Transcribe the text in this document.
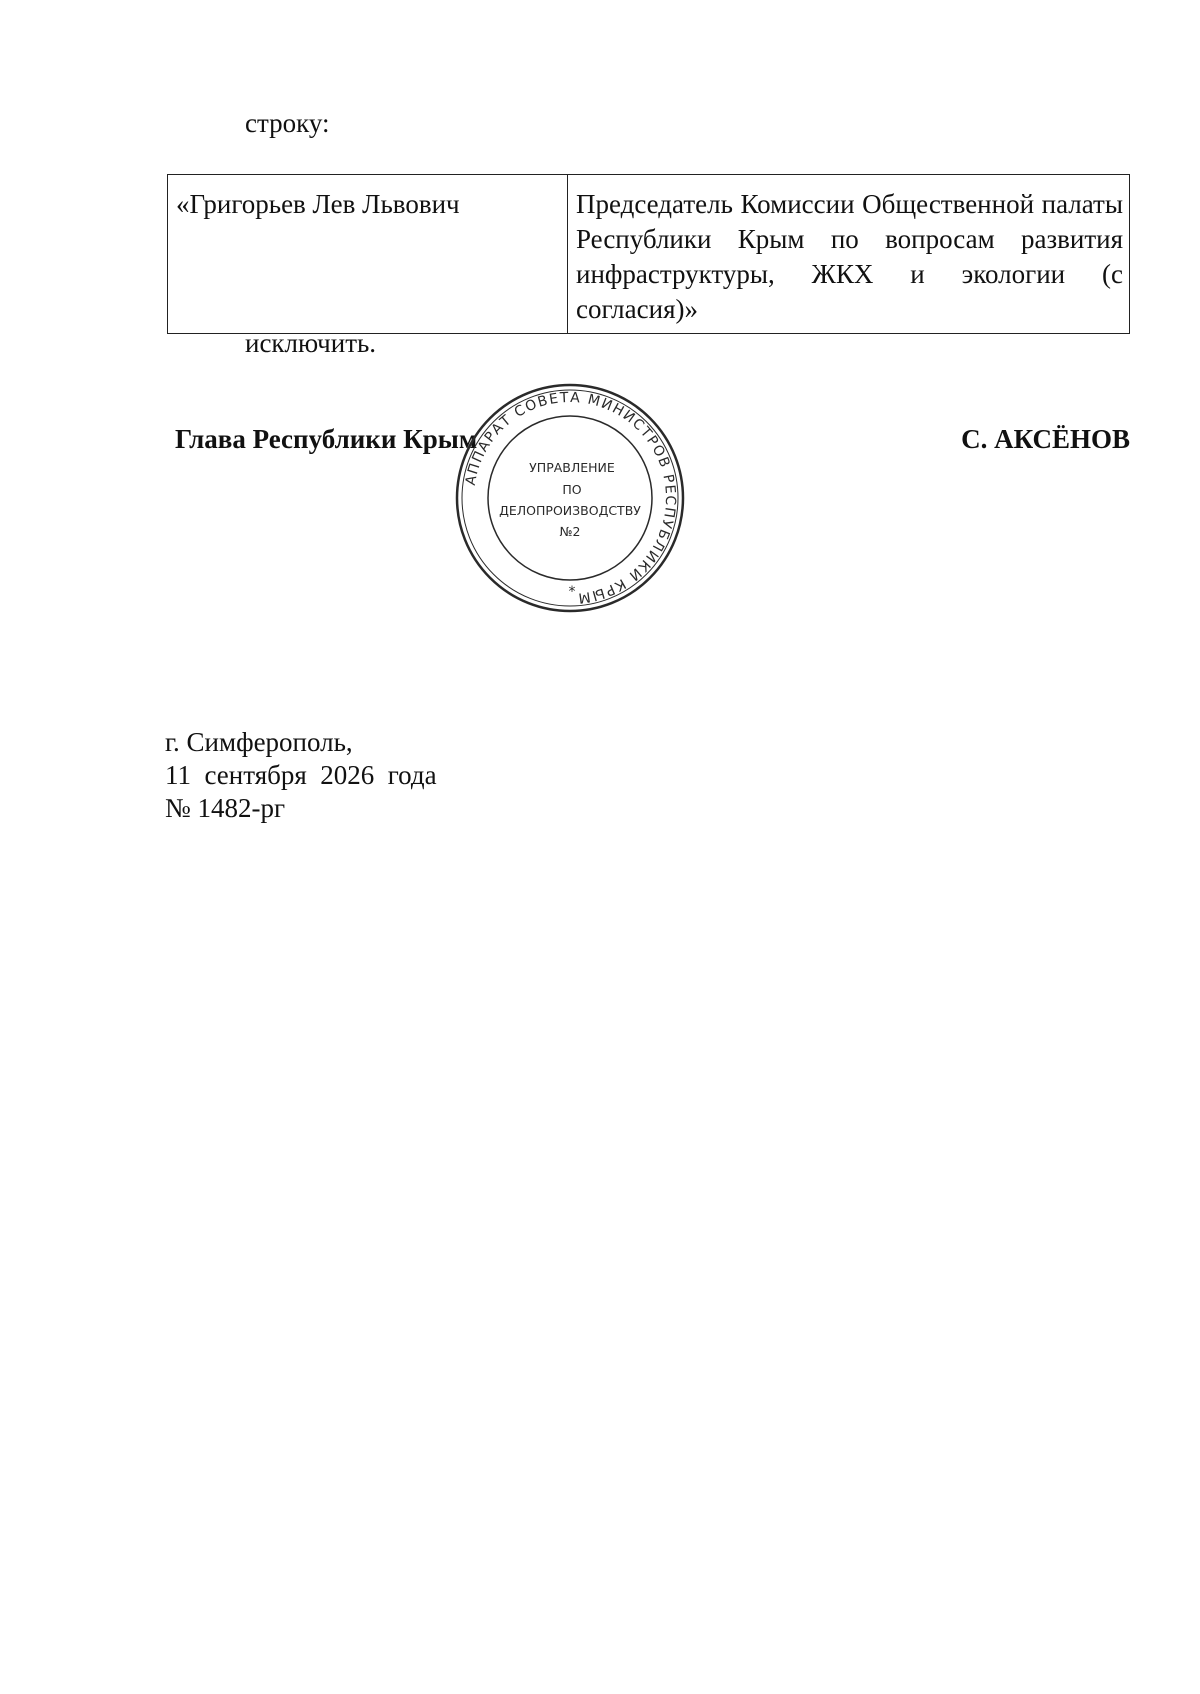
строку:
«Григорьев Лев Львович	Председатель Комиссии Общественной палаты Республики Крым по вопросам развития инфраструктуры, ЖКХ и экологии (с согласия)»
исключить.
Глава Республики Крым	С. АКСЁНОВ
АППАРАТ СОВЕТА МИНИСТРОВ РЕСПУБЛИКИ КРЫМ
УПРАВЛЕНИЕ
ПО
ДЕЛОПРОИЗВОДСТВУ
№2
*
г. Симферополь,
11  сентября  2026  года
№ 1482-рг
